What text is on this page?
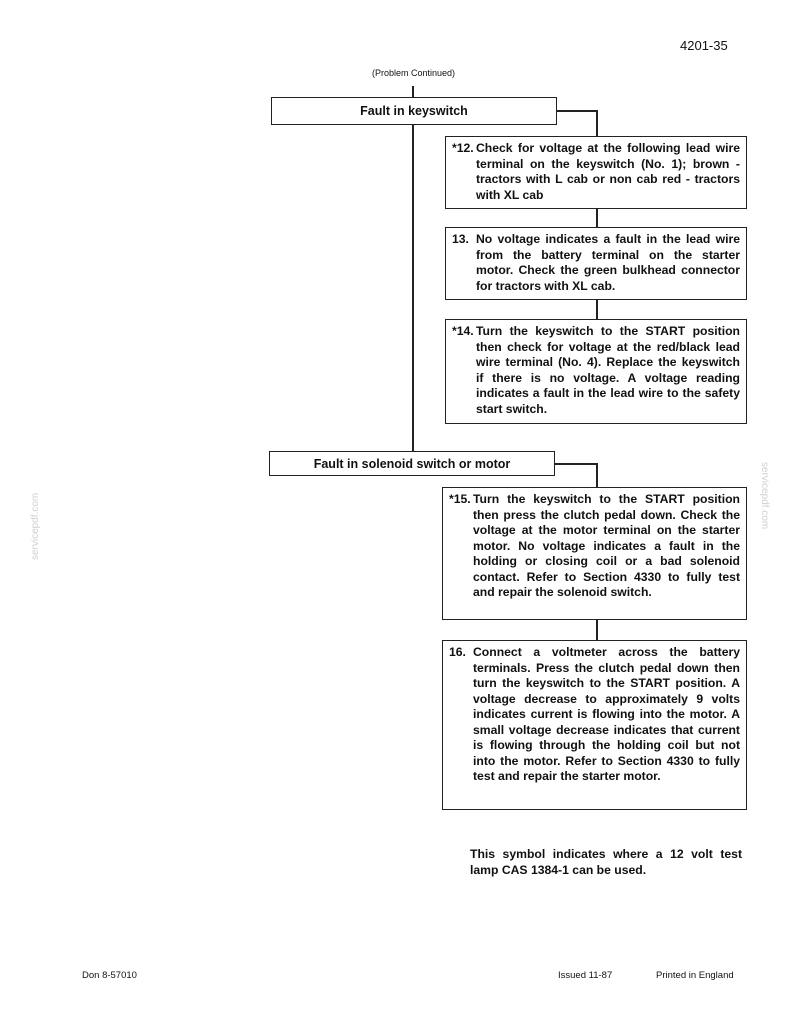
4201-35
(Problem Continued)
Fault in keyswitch
Fault in solenoid switch or motor
*12. Check for voltage at the following lead wire terminal on the keyswitch (No. 1); brown - tractors with L cab or non cab red - tractors with XL cab
13. No voltage indicates a fault in the lead wire from the battery terminal on the starter motor. Check the green bulkhead connector for tractors with XL cab.
*14. Turn the keyswitch to the START position then check for voltage at the red/black lead wire terminal (No. 4). Replace the keyswitch if there is no voltage. A voltage reading indicates a fault in the lead wire to the safety start switch.
*15. Turn the keyswitch to the START position then press the clutch pedal down. Check the voltage at the motor terminal on the starter motor. No voltage indicates a fault in the holding or closing coil or a bad solenoid contact. Refer to Section 4330 to fully test and repair the solenoid switch.
16. Connect a voltmeter across the battery terminals. Press the clutch pedal down then turn the keyswitch to the START position. A voltage decrease to approximately 9 volts indicates current is flowing into the motor. A small voltage decrease indicates that current is flowing through the holding coil but not into the motor. Refer to Section 4330 to fully test and repair the starter motor.
This symbol indicates where a 12 volt test lamp CAS 1384-1 can be used.
servicepdf.com	servicepdf.com
Don 8-57010	Issued 11-87	Printed in England
